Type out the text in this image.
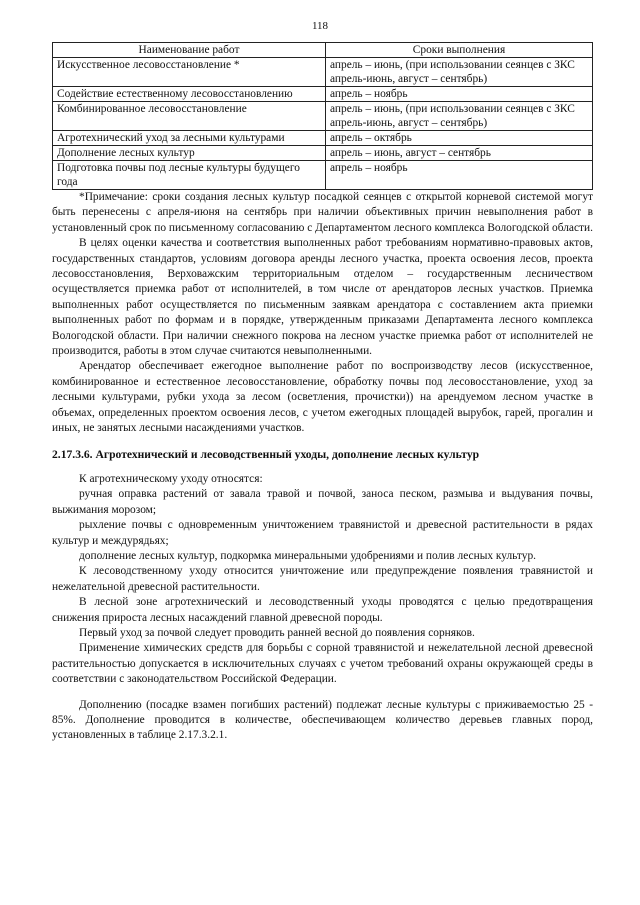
118
Наименование работ	Сроки выполнения
Искусственное лесовосстановление *	апрель – июнь, (при использовании сеянцев с ЗКС апрель-июнь, август – сентябрь)
Содействие естественному лесовосстановлению	апрель – ноябрь
Комбинированное лесовосстановление	апрель – июнь, (при использовании сеянцев с ЗКС апрель-июнь, август – сентябрь)
Агротехнический уход за лесными культурами	апрель – октябрь
Дополнение лесных культур	апрель – июнь, август – сентябрь
Подготовка почвы под лесные культуры будущего года	апрель – ноябрь

*Примечание: сроки создания лесных культур посадкой сеянцев с открытой корневой системой могут быть перенесены с апреля-июня на сентябрь при наличии объективных причин невыполнения работ в установленный срок по письменному согласованию с Департаментом лесного комплекса Вологодской области.

В целях оценки качества и соответствия выполненных работ требованиям нормативно-правовых актов, государственных стандартов, условиям договора аренды лесного участка, проекта освоения лесов, проекта лесовосстановления, Верховажским территориальным отделом – государственным лесничеством осуществляется приемка работ от исполнителей, в том числе от арендаторов лесных участков. Приемка выполненных работ осуществляется по письменным заявкам арендатора с составлением акта приемки выполненных работ по формам и в порядке, утвержденным приказами Департамента лесного комплекса Вологодской области. При наличии снежного покрова на лесном участке приемка работ от исполнителей не производится, работы в этом случае считаются невыполненными.

Арендатор обеспечивает ежегодное выполнение работ по воспроизводству лесов (искусственное, комбинированное и естественное лесовосстановление, обработку почвы под лесовосстановление, уход за лесными культурами, рубки ухода за лесом (осветления, прочистки)) на арендуемом лесном участке в объемах, определенных проектом освоения лесов, с учетом ежегодных площадей вырубок, гарей, прогалин и иных, не занятых лесными насаждениями участков.

2.17.3.6. Агротехнический и лесоводственный уходы, дополнение лесных культур

К агротехническому уходу относятся:

ручная оправка растений от завала травой и почвой, заноса песком, размыва и выдувания почвы, выжимания морозом;

рыхление почвы с одновременным уничтожением травянистой и древесной растительности в рядах культур и междурядьях;

дополнение лесных культур, подкормка минеральными удобрениями и полив лесных культур.

К лесоводственному уходу относится уничтожение или предупреждение появления травянистой и нежелательной древесной растительности.

В лесной зоне агротехнический и лесоводственный уходы проводятся с целью предотвращения снижения прироста лесных насаждений главной древесной породы.

Первый уход за почвой следует проводить ранней весной до появления сорняков.

Применение химических средств для борьбы с сорной травянистой и нежелательной лесной древесной растительностью допускается в исключительных случаях с учетом требований охраны окружающей среды в соответствии с законодательством Российской Федерации.

Дополнению (посадке взамен погибших растений) подлежат лесные культуры с приживаемостью 25 - 85%. Дополнение проводится в количестве, обеспечивающем количество деревьев главных пород, установленных в таблице 2.17.3.2.1.
